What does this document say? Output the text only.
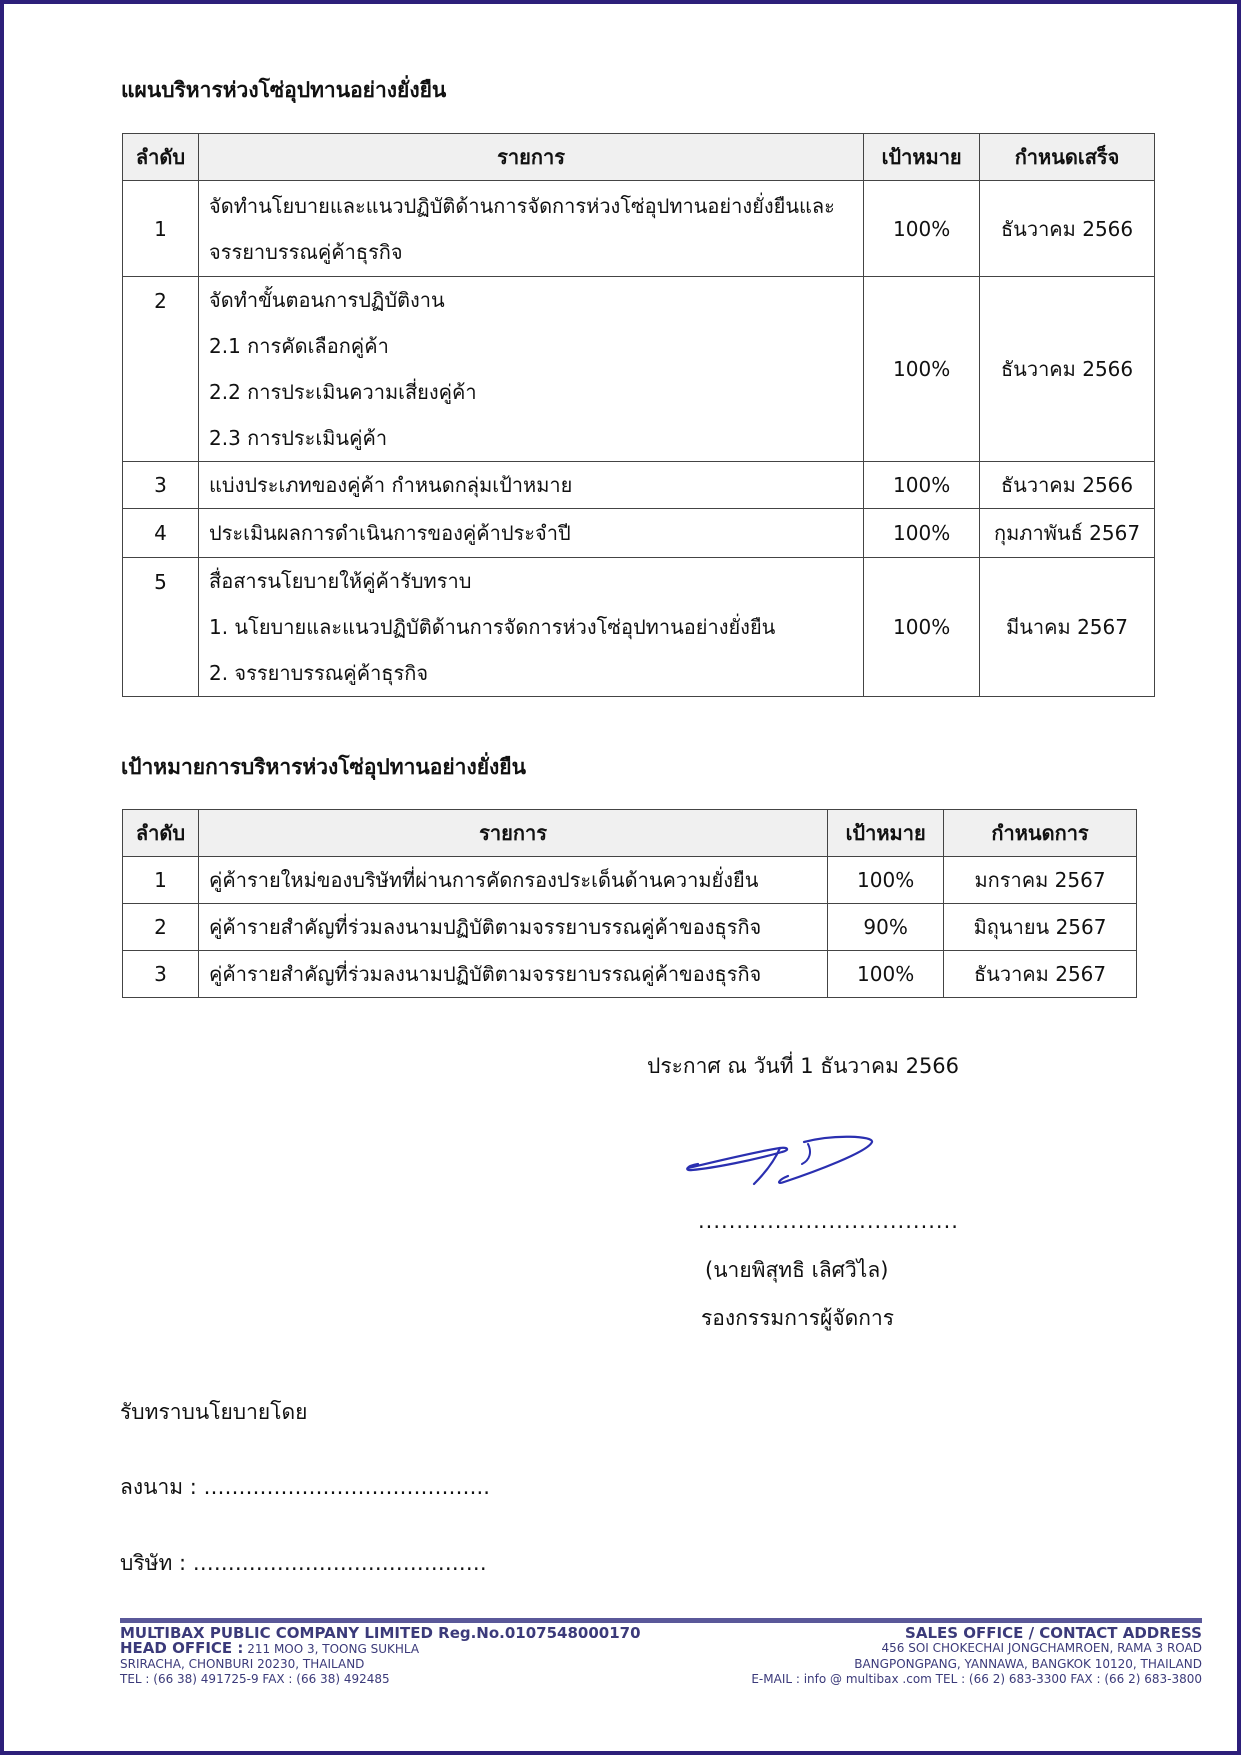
แผนบริหารห่วงโซ่อุปทานอย่างยั่งยืน
ลำดับ	รายการ	เป้าหมาย	กำหนดเสร็จ
1	จัดทำนโยบายและแนวปฏิบัติด้านการจัดการห่วงโซ่อุปทานอย่างยั่งยืนและ
จรรยาบรรณคู่ค้าธุรกิจ	100%	ธันวาคม 2566
2	จัดทำขั้นตอนการปฏิบัติงาน
2.1 การคัดเลือกคู่ค้า
2.2 การประเมินความเสี่ยงคู่ค้า
2.3 การประเมินคู่ค้า	100%	ธันวาคม 2566
3	แบ่งประเภทของคู่ค้า กำหนดกลุ่มเป้าหมาย	100%	ธันวาคม 2566
4	ประเมินผลการดำเนินการของคู่ค้าประจำปี	100%	กุมภาพันธ์ 2567
5	สื่อสารนโยบายให้คู่ค้ารับทราบ
1. นโยบายและแนวปฏิบัติด้านการจัดการห่วงโซ่อุปทานอย่างยั่งยืน
2. จรรยาบรรณคู่ค้าธุรกิจ	100%	มีนาคม 2567
เป้าหมายการบริหารห่วงโซ่อุปทานอย่างยั่งยืน
ลำดับ	รายการ	เป้าหมาย	กำหนดการ
1	คู่ค้ารายใหม่ของบริษัทที่ผ่านการคัดกรองประเด็นด้านความยั่งยืน	100%	มกราคม 2567
2	คู่ค้ารายสำคัญที่ร่วมลงนามปฏิบัติตามจรรยาบรรณคู่ค้าของธุรกิจ	90%	มิถุนายน 2567
3	คู่ค้ารายสำคัญที่ร่วมลงนามปฏิบัติตามจรรยาบรรณคู่ค้าของธุรกิจ	100%	ธันวาคม 2567

ประกาศ ณ วันที่ 1 ธันวาคม 2566

..................................

(นายพิสุทธิ เลิศวิไล)

รองกรรมการผู้จัดการ

รับทราบนโยบายโดย

ลงนาม : …………………………………..

บริษัท : ……………………………………

MULTIBAX PUBLIC COMPANY LIMITED Reg.No.0107548000170	SALES OFFICE / CONTACT ADDRESS
HEAD OFFICE : 211 MOO 3, TOONG SUKHLA	456 SOI CHOKECHAI JONGCHAMROEN, RAMA 3 ROAD
SRIRACHA, CHONBURI 20230, THAILAND	BANGPONGPANG, YANNAWA, BANGKOK 10120, THAILAND
TEL : (66 38) 491725-9 FAX : (66 38) 492485	E-MAIL : info @ multibax .com TEL : (66 2) 683-3300 FAX : (66 2) 683-3800
